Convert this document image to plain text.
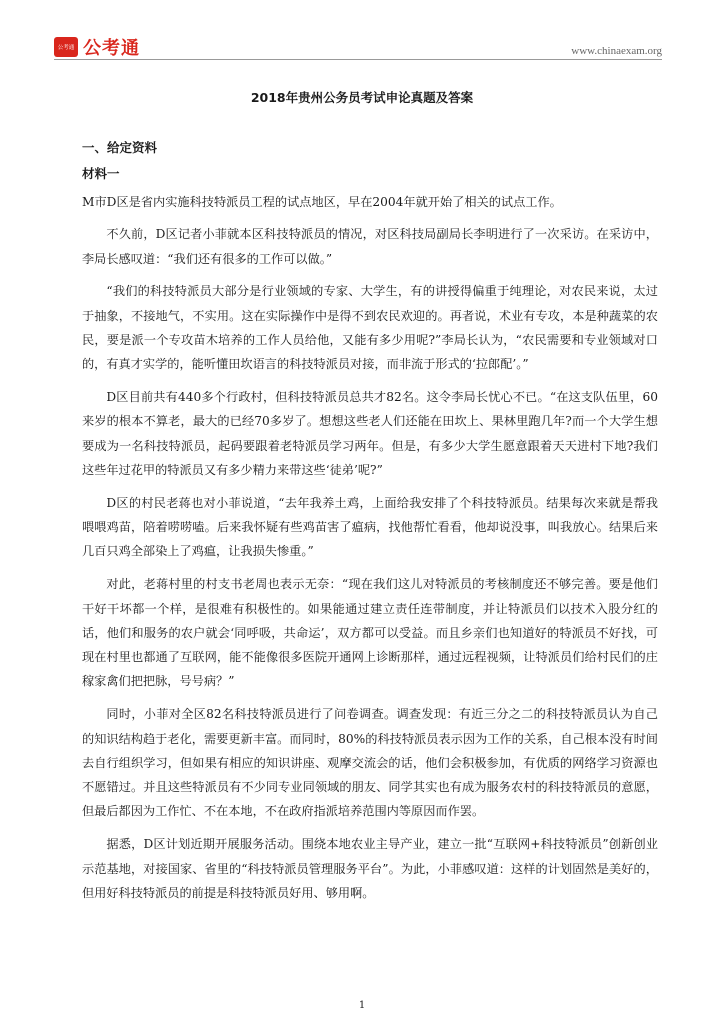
公考通 公考通	www.chinaexam.org
2018年贵州公务员考试申论真题及答案
一、给定资料
材料一

M市D区是省内实施科技特派员工程的试点地区，早在2004年就开始了相关的试点工作。

不久前，D区记者小菲就本区科技特派员的情况，对区科技局副局长李明进行了一次采访。在采访中，李局长感叹道：“我们还有很多的工作可以做。”

“我们的科技特派员大部分是行业领域的专家、大学生，有的讲授得偏重于纯理论，对农民来说，太过于抽象，不接地气，不实用。这在实际操作中是得不到农民欢迎的。再者说，术业有专攻，本是种蔬菜的农民，要是派一个专攻苗木培养的工作人员给他，又能有多少用呢?”李局长认为，“农民需要和专业领域对口的，有真才实学的，能听懂田坎语言的科技特派员对接，而非流于形式的‘拉郎配’。”

D区目前共有440多个行政村，但科技特派员总共才82名。这令李局长忧心不已。“在这支队伍里，60来岁的根本不算老，最大的已经70多岁了。想想这些老人们还能在田坎上、果林里跑几年?而一个大学生想要成为一名科技特派员，起码要跟着老特派员学习两年。但是，有多少大学生愿意跟着天天进村下地?我们这些年过花甲的特派员又有多少精力来带这些‘徒弟’呢?”

D区的村民老蒋也对小菲说道，“去年我养土鸡，上面给我安排了个科技特派员。结果每次来就是帮我喂喂鸡苗，陪着唠唠嗑。后来我怀疑有些鸡苗害了瘟病，找他帮忙看看，他却说没事，叫我放心。结果后来几百只鸡全部染上了鸡瘟，让我损失惨重。”

对此，老蒋村里的村支书老周也表示无奈：“现在我们这儿对特派员的考核制度还不够完善。要是他们干好干坏都一个样，是很难有积极性的。如果能通过建立责任连带制度，并让特派员们以技术入股分红的话，他们和服务的农户就会‘同呼吸，共命运’，双方都可以受益。而且乡亲们也知道好的特派员不好找，可现在村里也都通了互联网，能不能像很多医院开通网上诊断那样，通过远程视频，让特派员们给村民们的庄稼家禽们把把脉，号号病？”

同时，小菲对全区82名科技特派员进行了问卷调查。调查发现：有近三分之二的科技特派员认为自己的知识结构趋于老化，需要更新丰富。而同时，80%的科技特派员表示因为工作的关系，自己根本没有时间去自行组织学习，但如果有相应的知识讲座、观摩交流会的话，他们会积极参加，有优质的网络学习资源也不愿错过。并且这些特派员有不少同专业同领域的朋友、同学其实也有成为服务农村的科技特派员的意愿，但最后都因为工作忙、不在本地，不在政府指派培养范围内等原因而作罢。

据悉，D区计划近期开展服务活动。围绕本地农业主导产业，建立一批“互联网+科技特派员”创新创业示范基地，对接国家、省里的“科技特派员管理服务平台”。为此，小菲感叹道：这样的计划固然是美好的，但用好科技特派员的前提是科技特派员好用、够用啊。

1
